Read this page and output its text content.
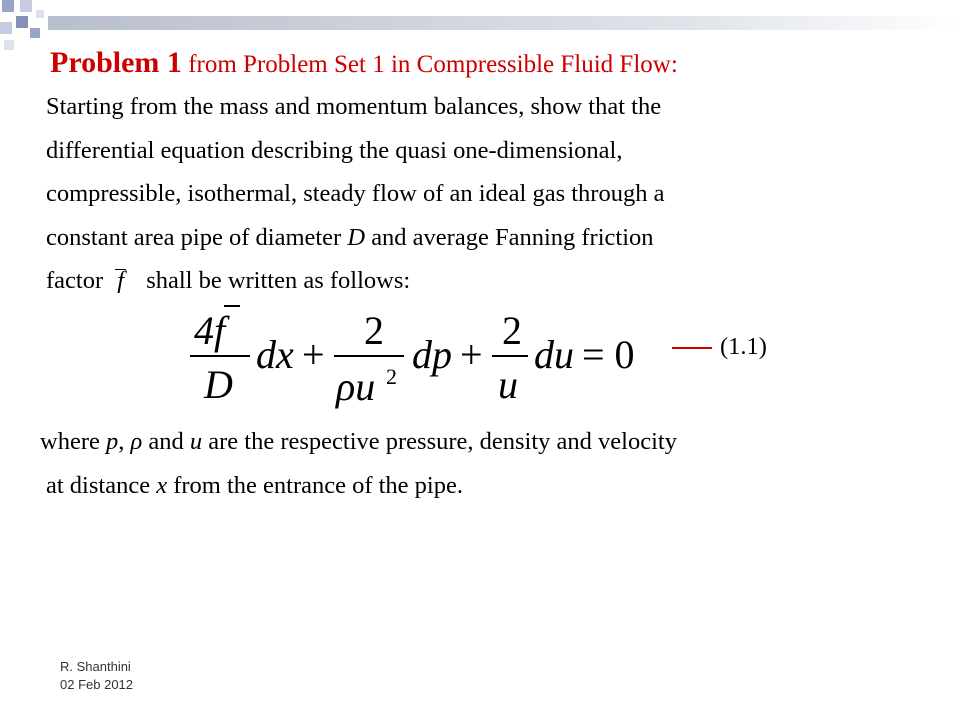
Problem 1 from Problem Set 1 in Compressible Fluid Flow:
Starting from the mass and momentum balances, show that the
differential equation describing the quasi one-dimensional,
compressible, isothermal, steady flow of an ideal gas through a
constant area pipe of diameter D and average Fanning friction
factor f shall be written as follows:
4f
D
dx +
2
ρu 2 dp +
2
u
du = 0	(1.1)
where p, ρ and u are the respective pressure, density and velocity
at distance x from the entrance of the pipe.
R. Shanthini
02 Feb 2012
